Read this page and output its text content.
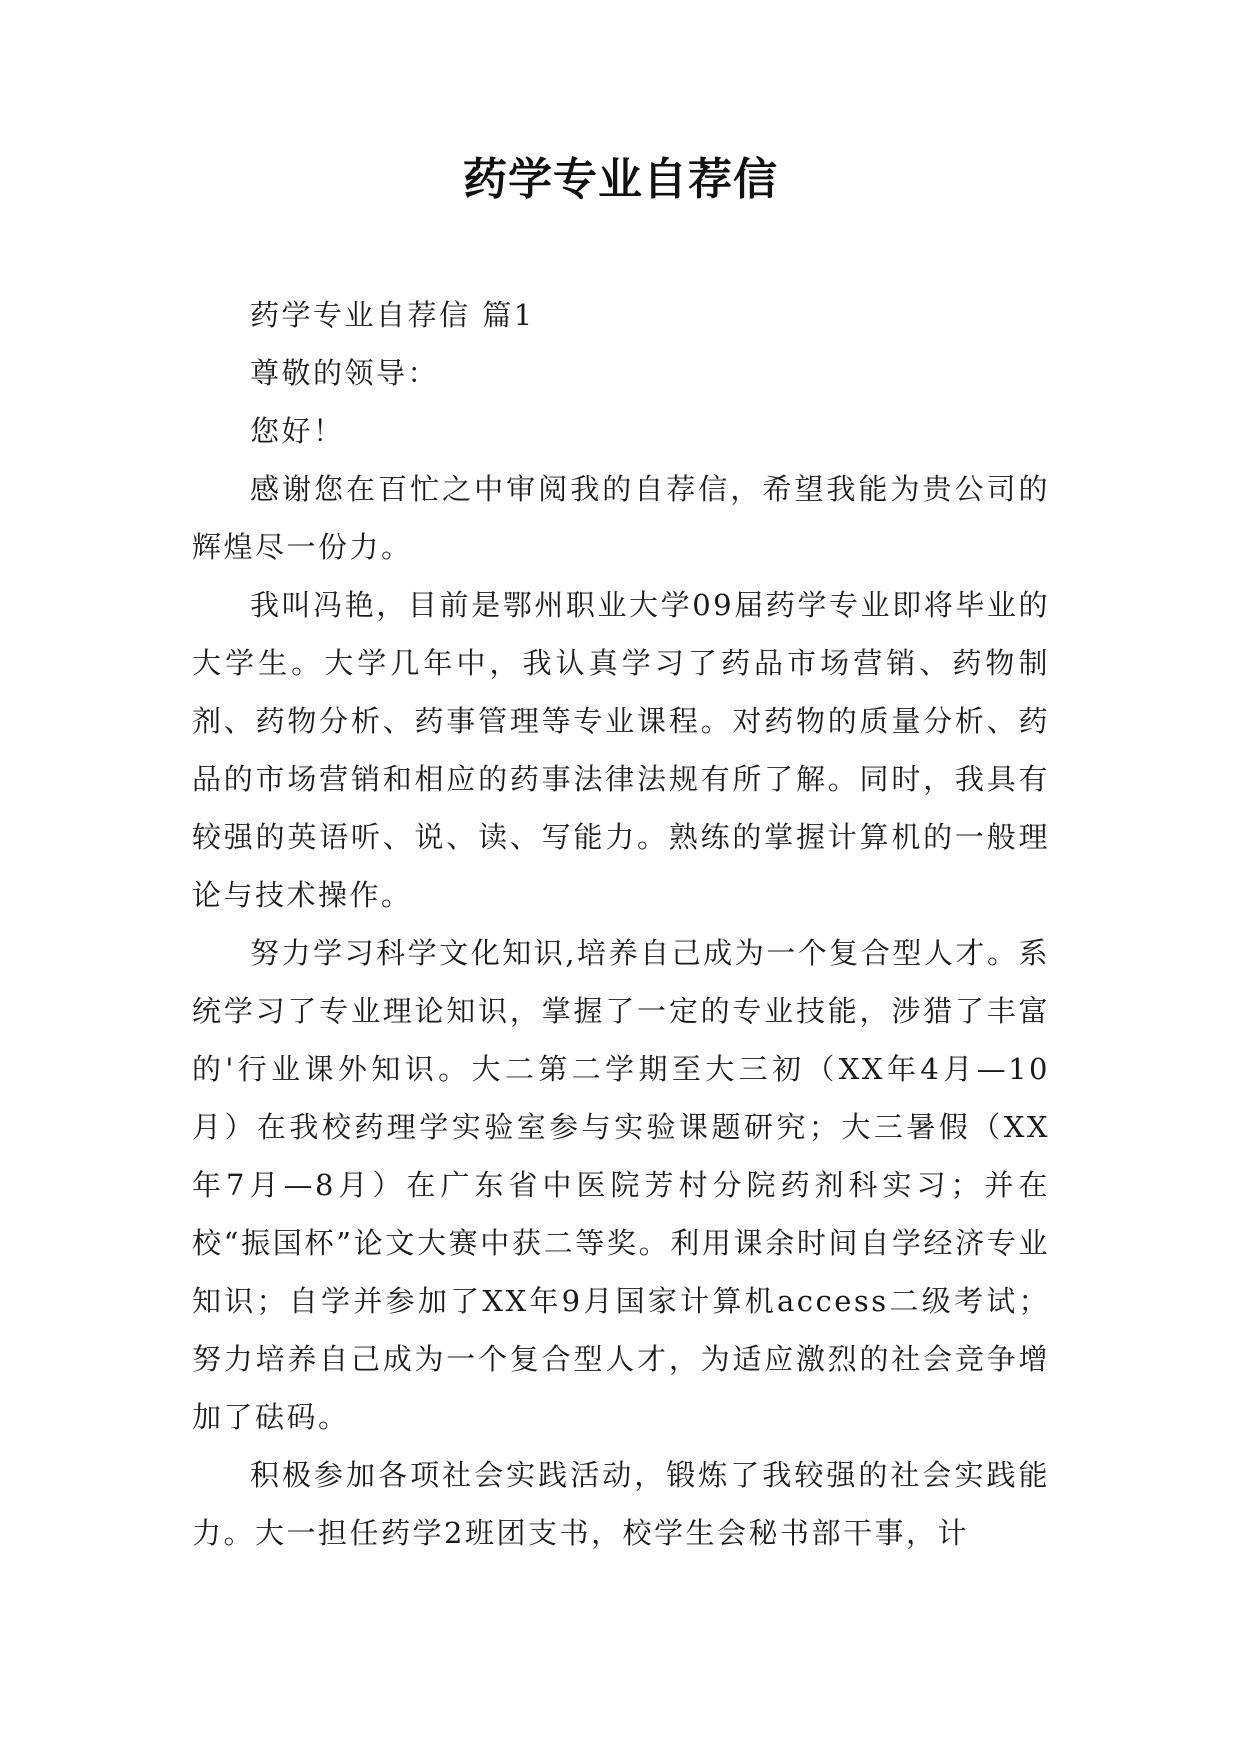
药学专业自荐信

药学专业自荐信 篇1

尊敬的领导：

您好！

感谢您在百忙之中审阅我的自荐信，希望我能为贵公司的辉煌尽一份力。

我叫冯艳，目前是鄂州职业大学09届药学专业即将毕业的大学生。大学几年中，我认真学习了药品市场营销、药物制剂、药物分析、药事管理等专业课程。对药物的质量分析、药品的市场营销和相应的药事法律法规有所了解。同时，我具有较强的英语听、说、读、写能力。熟练的掌握计算机的一般理论与技术操作。

努力学习科学文化知识,培养自己成为一个复合型人才。系统学习了专业理论知识，掌握了一定的专业技能，涉猎了丰富的'行业课外知识。大二第二学期至大三初（XX年4月—10月）在我校药理学实验室参与实验课题研究；大三暑假（XX年7月—8月）在广东省中医院芳村分院药剂科实习；并在校“振国杯”论文大赛中获二等奖。利用课余时间自学经济专业知识；自学并参加了XX年9月国家计算机access二级考试；努力培养自己成为一个复合型人才，为适应激烈的社会竞争增加了砝码。

积极参加各项社会实践活动，锻炼了我较强的社会实践能力。大一担任药学2班团支书，校学生会秘书部干事，计
